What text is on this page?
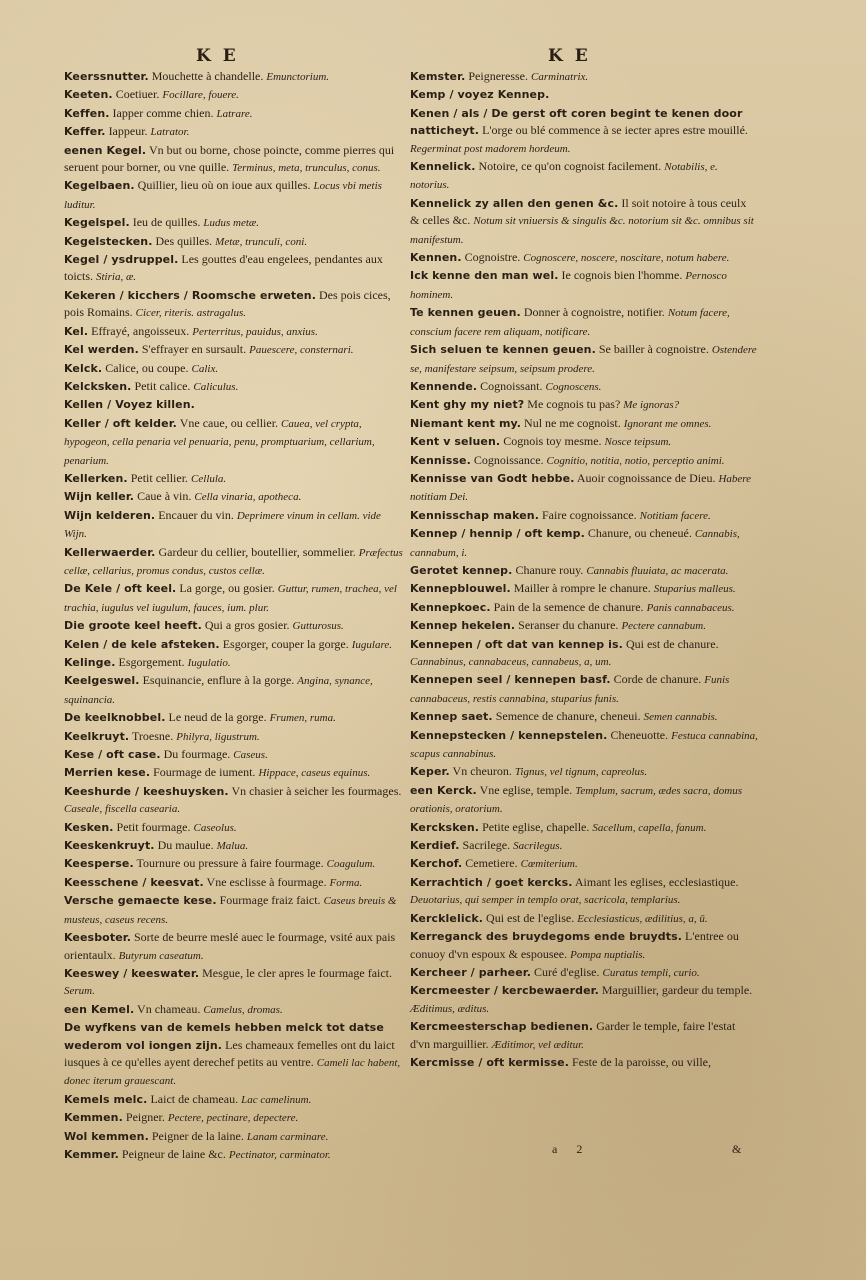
K E	K E

Keerssnutter. Mouchette à chandelle. Emunctorium.

Keeten. Coetiuer. Focillare, fouere.

Keffen. Iapper comme chien. Latrare.

Keffer. Iappeur. Latrator.

eenen Kegel. Vn but ou borne, chose poincte, comme pierres qui seruent pour borner, ou vne quille. Terminus, meta, trunculus, conus.

Kegelbaen. Quillier, lieu où on ioue aux quilles. Locus vbi metis luditur.

Kegelspel. Ieu de quilles. Ludus metæ.

Kegelstecken. Des quilles. Metæ, trunculi, coni.

Kegel / ysdruppel. Les gouttes d'eau engelees, pendantes aux toicts. Stiria, æ.

Kekeren / kicchers / Roomsche erweten. Des pois cices, pois Romains. Cicer, riteris. astragalus.

Kel. Effrayé, angoisseux. Perterritus, pauidus, anxius.

Kel werden. S'effrayer en sursault. Pauescere, consternari.

Kelck. Calice, ou coupe. Calix.

Kelcksken. Petit calice. Caliculus.

Kellen / Voyez killen.

Keller / oft kelder. Vne caue, ou cellier. Cauea, vel crypta, hypogeon, cella penaria vel penuaria, penu, promptuarium, cellarium, penarium.

Kellerken. Petit cellier. Cellula.

Wijn keller. Caue à vin. Cella vinaria, apotheca.

Wijn kelderen. Encauer du vin. Deprimere vinum in cellam. vide Wijn.

Kellerwaerder. Gardeur du cellier, boutellier, sommelier. Præfectus cellæ, cellarius, promus condus, custos cellæ.

De Kele / oft keel. La gorge, ou gosier. Guttur, rumen, trachea, vel trachia, iugulus vel iugulum, fauces, ium. plur.

Die groote keel heeft. Qui a gros gosier. Gutturosus.

Kelen / de kele afsteken. Esgorger, couper la gorge. Iugulare.

Kelinge. Esgorgement. Iugulatio.

Keelgeswel. Esquinancie, enflure à la gorge. Angina, synance, squinancia.

De keelknobbel. Le neud de la gorge. Frumen, ruma.

Keelkruyt. Troesne. Philyra, ligustrum.

Kese / oft case. Du fourmage. Caseus.

Merrien kese. Fourmage de iument. Hippace, caseus equinus.

Keeshurde / keeshuysken. Vn chasier à seicher les fourmages. Caseale, fiscella casearia.

Kesken. Petit fourmage. Caseolus.

Keeskenkruyt. Du maulue. Malua.

Keesperse. Tournure ou pressure à faire fourmage. Coagulum.

Keesschene / keesvat. Vne esclisse à fourmage. Forma.

Versche gemaecte kese. Fourmage fraiz faict. Caseus breuis & musteus, caseus recens.

Keesboter. Sorte de beurre meslé auec le fourmage, vsité aux pais orientaulx. Butyrum caseatum.

Keeswey / keeswater. Mesgue, le cler apres le fourmage faict. Serum.

een Kemel. Vn chameau. Camelus, dromas.

De wyfkens van de kemels hebben melck tot datse wederom vol iongen zijn. Les chameaux femelles ont du laict iusques à ce qu'elles ayent derechef petits au ventre. Cameli lac habent, donec iterum grauescant.

Kemels melc. Laict de chameau. Lac camelinum.

Kemmen. Peigner. Pectere, pectinare, depectere.

Wol kemmen. Peigner de la laine. Lanam carminare.

Kemmer. Peigneur de laine &c. Pectinator, carminator.

Kemster. Peigneresse. Carminatrix.

Kemp / voyez Kennep.

Kenen / als / De gerst oft coren begint te kenen door natticheyt. L'orge ou blé commence à se iecter apres estre mouillé. Regerminat post madorem hordeum.

Kennelick. Notoire, ce qu'on cognoist facilement. Notabilis, e. notorius.

Kennelick zy allen den genen &c. Il soit notoire à tous ceulx & celles &c. Notum sit vniuersis & singulis &c. notorium sit &c. omnibus sit manifestum.

Kennen. Cognoistre. Cognoscere, noscere, noscitare, notum habere.

Ick kenne den man wel. Ie cognois bien l'homme. Pernosco hominem.

Te kennen geuen. Donner à cognoistre, notifier. Notum facere, conscium facere rem aliquam, notificare.

Sich seluen te kennen geuen. Se bailler à cognoistre. Ostendere se, manifestare seipsum, seipsum prodere.

Kennende. Cognoissant. Cognoscens.

Kent ghy my niet? Me cognois tu pas? Me ignoras?

Niemant kent my. Nul ne me cognoist. Ignorant me omnes.

Kent v seluen. Cognois toy mesme. Nosce teipsum.

Kennisse. Cognoissance. Cognitio, notitia, notio, perceptio animi.

Kennisse van Godt hebbe. Auoir cognoissance de Dieu. Habere notitiam Dei.

Kennisschap maken. Faire cognoissance. Notitiam facere.

Kennep / hennip / oft kemp. Chanure, ou cheneué. Cannabis, cannabum, i.

Gerotet kennep. Chanure rouy. Cannabis fluuiata, ac macerata.

Kennepblouwel. Mailler à rompre le chanure. Stuparius malleus.

Kennepkoec. Pain de la semence de chanure. Panis cannabaceus.

Kennep hekelen. Seranser du chanure. Pectere cannabum.

Kennepen / oft dat van kennep is. Qui est de chanure. Cannabinus, cannabaceus, cannabeus, a, um.

Kennepen seel / kennepen basf. Corde de chanure. Funis cannabaceus, restis cannabina, stuparius funis.

Kennep saet. Semence de chanure, cheneui. Semen cannabis.

Kennepstecken / kennepstelen. Cheneuotte. Festuca cannabina, scapus cannabinus.

Keper. Vn cheuron. Tignus, vel tignum, capreolus.

een Kerck. Vne eglise, temple. Templum, sacrum, ædes sacra, domus orationis, oratorium.

Kercksken. Petite eglise, chapelle. Sacellum, capella, fanum.

Kerdief. Sacrilege. Sacrilegus.

Kerchof. Cemetiere. Cœmiterium.

Kerrachtich / goet kercks. Aimant les eglises, ecclesiastique. Deuotarius, qui semper in templo orat, sacricola, templarius.

Kercklelick. Qui est de l'eglise. Ecclesiasticus, ædilitius, a, ū.

Kerreganck des bruydegoms ende bruydts. L'entree ou conuoy d'vn espoux & espousee. Pompa nuptialis.

Kercheer / parheer. Curé d'eglise. Curatus templi, curio.

Kercmeester / kercbewaerder. Marguillier, gardeur du temple. Æditimus, æditus.

Kercmeesterschap bedienen. Garder le temple, faire l'estat d'vn marguillier. Æditimor, vel æditur.

Kercmisse / oft kermisse. Feste de la paroisse, ou ville,

a 2	&
